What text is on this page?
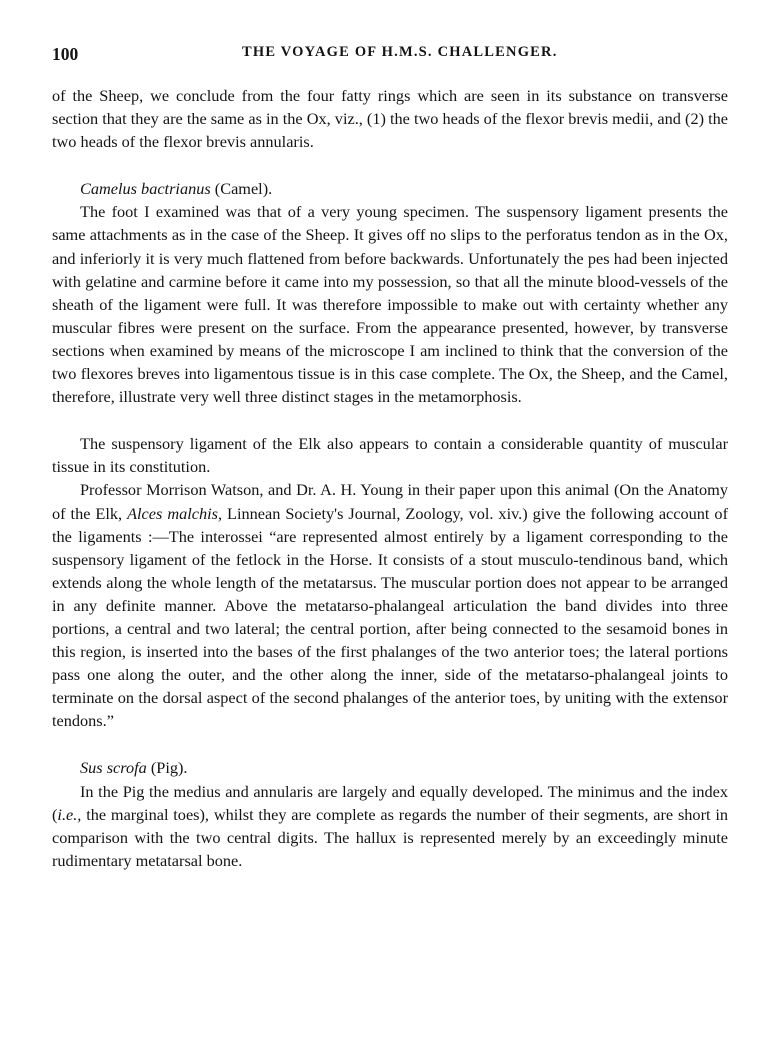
100	THE VOYAGE OF H.M.S. CHALLENGER.

of the Sheep, we conclude from the four fatty rings which are seen in its substance on transverse section that they are the same as in the Ox, viz., (1) the two heads of the flexor brevis medii, and (2) the two heads of the flexor brevis annularis.

Camelus bactrianus (Camel).

The foot I examined was that of a very young specimen. The suspensory ligament presents the same attachments as in the case of the Sheep. It gives off no slips to the perforatus tendon as in the Ox, and inferiorly it is very much flattened from before backwards. Unfortunately the pes had been injected with gelatine and carmine before it came into my possession, so that all the minute blood-vessels of the sheath of the ligament were full. It was therefore impossible to make out with certainty whether any muscular fibres were present on the surface. From the appearance presented, however, by transverse sections when examined by means of the microscope I am inclined to think that the conversion of the two flexores breves into ligamentous tissue is in this case complete. The Ox, the Sheep, and the Camel, therefore, illustrate very well three distinct stages in the metamorphosis.

The suspensory ligament of the Elk also appears to contain a considerable quantity of muscular tissue in its constitution.

Professor Morrison Watson, and Dr. A. H. Young in their paper upon this animal (On the Anatomy of the Elk, Alces malchis, Linnean Society's Journal, Zoology, vol. xiv.) give the following account of the ligaments :—The interossei “are represented almost entirely by a ligament corresponding to the suspensory ligament of the fetlock in the Horse. It consists of a stout musculo-tendinous band, which extends along the whole length of the metatarsus. The muscular portion does not appear to be arranged in any definite manner. Above the metatarso-phalangeal articulation the band divides into three portions, a central and two lateral; the central portion, after being connected to the sesamoid bones in this region, is inserted into the bases of the first phalanges of the two anterior toes; the lateral portions pass one along the outer, and the other along the inner, side of the metatarso-phalangeal joints to terminate on the dorsal aspect of the second phalanges of the anterior toes, by uniting with the extensor tendons.”

Sus scrofa (Pig).

In the Pig the medius and annularis are largely and equally developed. The minimus and the index (i.e., the marginal toes), whilst they are complete as regards the number of their segments, are short in comparison with the two central digits. The hallux is represented merely by an exceedingly minute rudimentary metatarsal bone.
